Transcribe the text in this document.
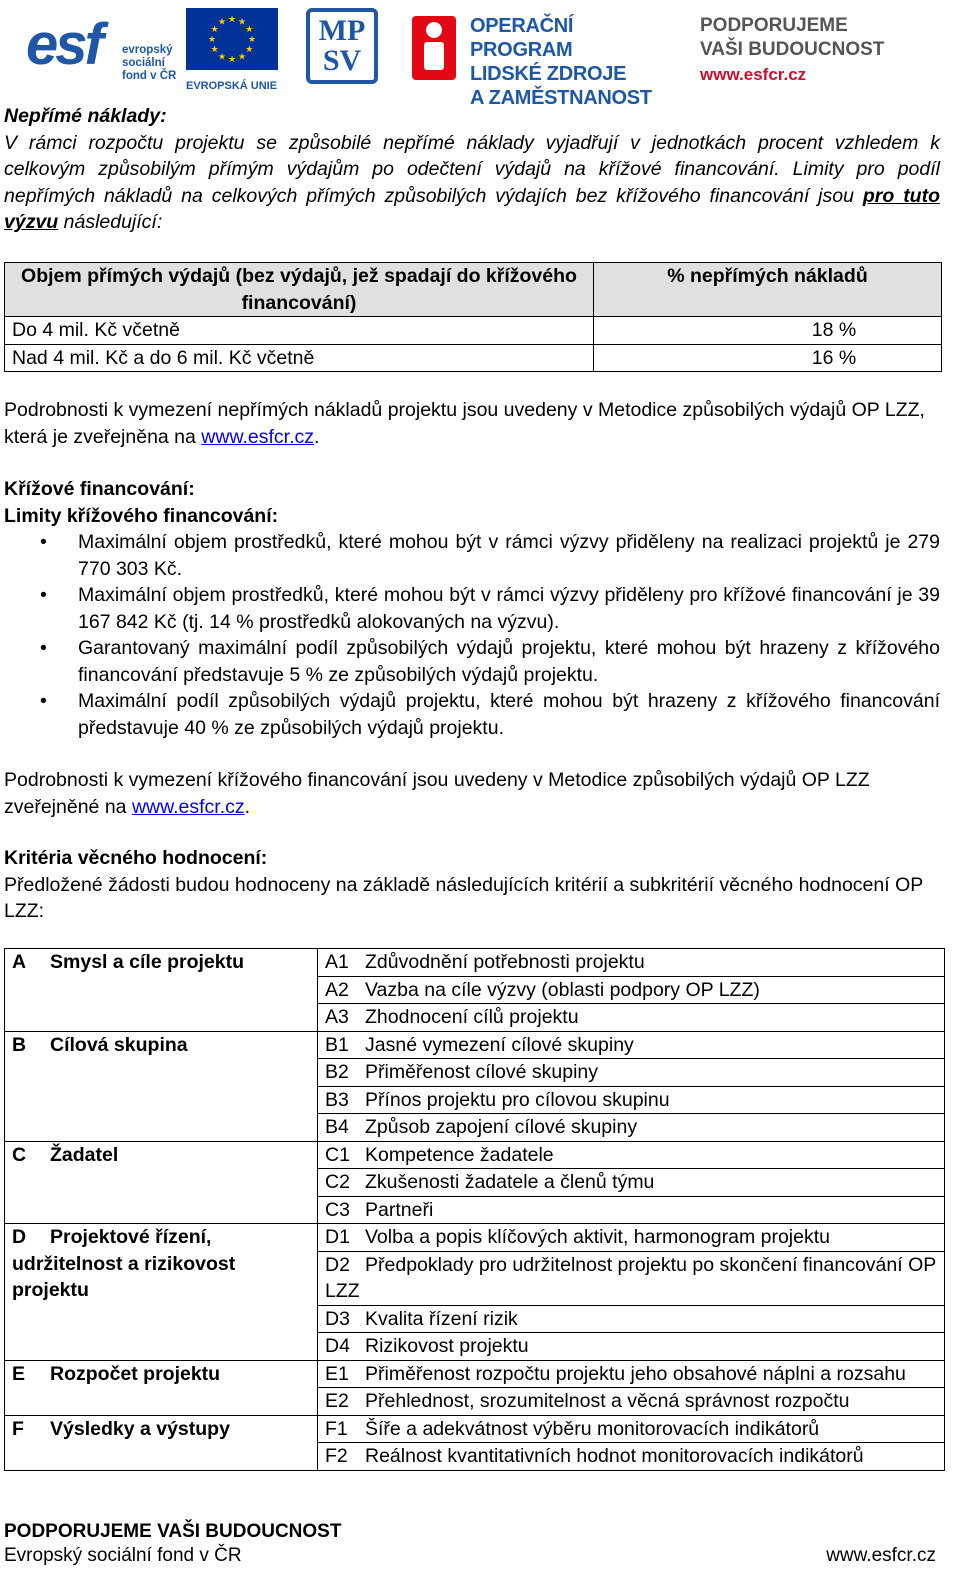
esf evropský
sociální
fond v ČR
★ ★
★
★
★
★
★
★
★
★
★
★
EVROPSKÁ UNIE
MP
SV
OPERAČNÍ PROGRAM
LIDSKÉ ZDROJE
A ZAMĚSTNANOST
PODPORUJEME
VAŠI BUDOUCNOST
www.esfcr.cz
Nepřímé náklady:
V rámci rozpočtu projektu se způsobilé nepřímé náklady vyjadřují v jednotkách procent vzhledem k celkovým způsobilým přímým výdajům po odečtení výdajů na křížové financování. Limity pro podíl nepřímých nákladů na celkových přímých způsobilých výdajích bez křížového financování jsou pro tuto výzvu následující:
Objem přímých výdajů (bez výdajů, jež spadají do křížového financování)	% nepřímých nákladů
Do 4 mil. Kč včetně	18 %
Nad 4 mil. Kč a do 6 mil. Kč včetně	16 %
Podrobnosti k vymezení nepřímých nákladů projektu jsou uvedeny v Metodice způsobilých výdajů OP LZZ, která je zveřejněna na www.esfcr.cz.
Křížové financování:
Limity křížového financování:
• Maximální objem prostředků, které mohou být v rámci výzvy přiděleny na realizaci projektů je 279 770 303 Kč.
• Maximální objem prostředků, které mohou být v rámci výzvy přiděleny pro křížové financování je 39 167 842 Kč (tj. 14 % prostředků alokovaných na výzvu).
• Garantovaný maximální podíl způsobilých výdajů projektu, které mohou být hrazeny z křížového financování představuje 5 % ze způsobilých výdajů projektu.
• Maximální podíl způsobilých výdajů projektu, které mohou být hrazeny z křížového financování představuje 40 % ze způsobilých výdajů projektu.
Podrobnosti k vymezení křížového financování jsou uvedeny v Metodice způsobilých výdajů OP LZZ zveřejněné na www.esfcr.cz.
Kritéria věcného hodnocení:
Předložené žádosti budou hodnoceny na základě následujících kritérií a subkritérií věcného hodnocení OP LZZ:
A Smysl a cíle projektu	A1 Zdůvodnění potřebnosti projektu
	A2 Vazba na cíle výzvy (oblasti podpory OP LZZ)
	A3 Zhodnocení cílů projektu
B Cílová skupina	B1 Jasné vymezení cílové skupiny
	B2 Přiměřenost cílové skupiny
	B3 Přínos projektu pro cílovou skupinu
	B4 Způsob zapojení cílové skupiny
C Žadatel	C1 Kompetence žadatele
	C2 Zkušenosti žadatele a členů týmu
	C3 Partneři
D Projektové řízení, udržitelnost a rizikovost projektu	D1 Volba a popis klíčových aktivit, harmonogram projektu
	D2 Předpoklady pro udržitelnost projektu po skončení financování OP LZZ
	D3 Kvalita řízení rizik
	D4 Rizikovost projektu
E Rozpočet projektu	E1 Přiměřenost rozpočtu projektu jeho obsahové náplni a rozsahu
	E2 Přehlednost, srozumitelnost a věcná správnost rozpočtu
F Výsledky a výstupy	F1 Šíře a adekvátnost výběru monitorovacích indikátorů
	F2 Reálnost kvantitativních hodnot monitorovacích indikátorů
PODPORUJEME VAŠI BUDOUCNOST
Evropský sociální fond v ČR	www.esfcr.cz
